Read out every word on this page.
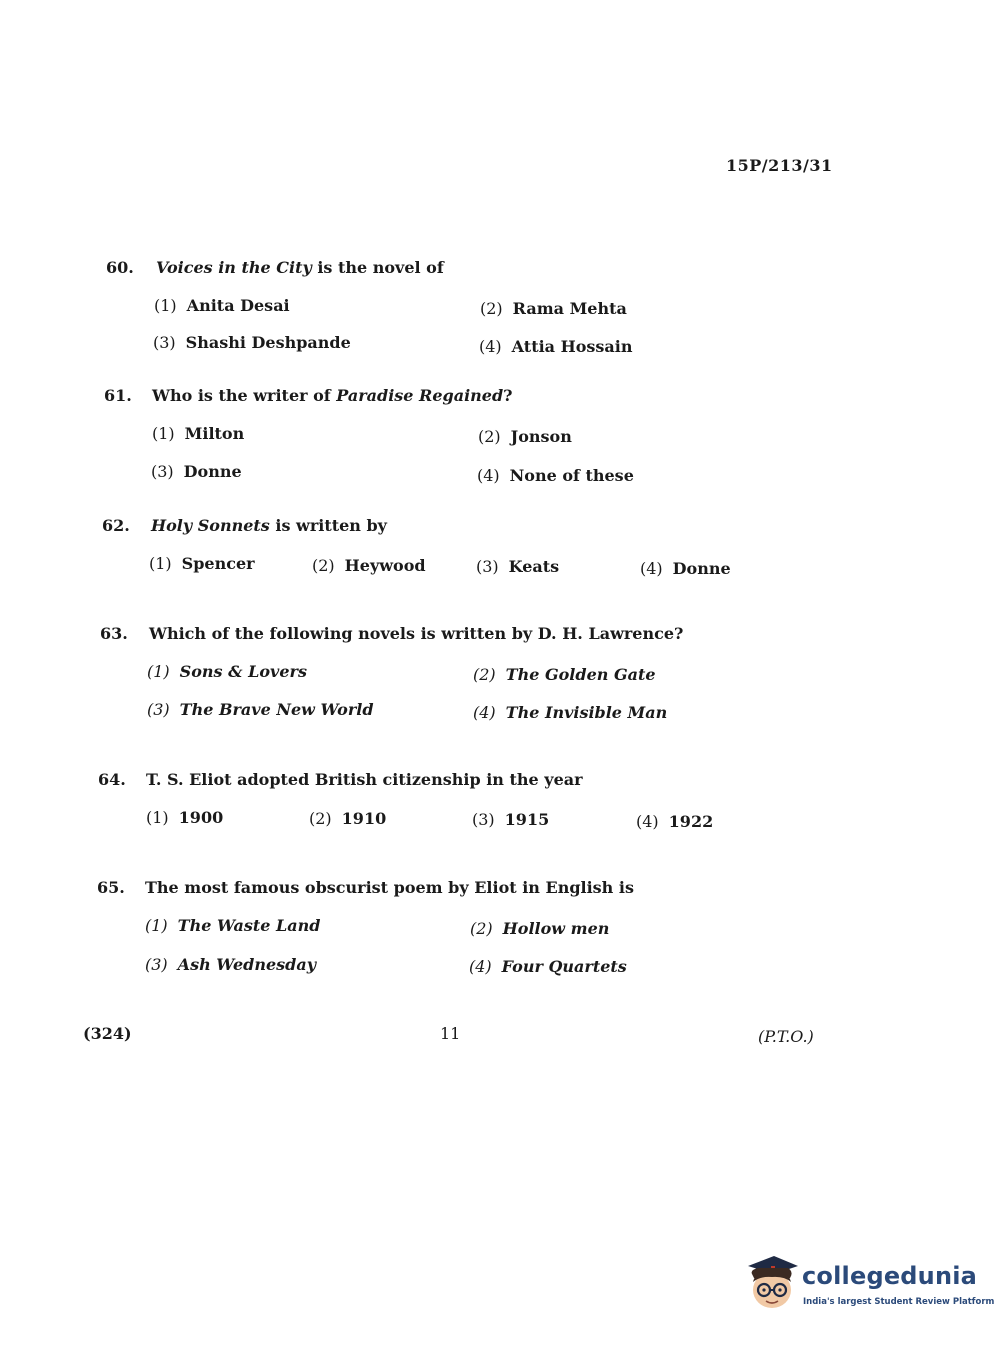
15P/213/31
60. Voices in the City is the novel of
(1) Anita Desai	(2) Rama Mehta
(3) Shashi Deshpande	(4) Attia Hossain
61. Who is the writer of Paradise Regained?
(1) Milton	(2) Jonson
(3) Donne	(4) None of these
62. Holy Sonnets is written by
(1) Spencer	(2) Heywood	(3) Keats	(4) Donne
63. Which of the following novels is written by D. H. Lawrence?
(1) Sons & Lovers	(2) The Golden Gate
(3) The Brave New World	(4) The Invisible Man
64. T. S. Eliot adopted British citizenship in the year
(1) 1900	(2) 1910	(3) 1915	(4) 1922
65. The most famous obscurist poem by Eliot in English is
(1) The Waste Land	(2) Hollow men
(3) Ash Wednesday	(4) Four Quartets
(324)	11	(P.T.O.)
collegedunia
India's largest Student Review Platform
